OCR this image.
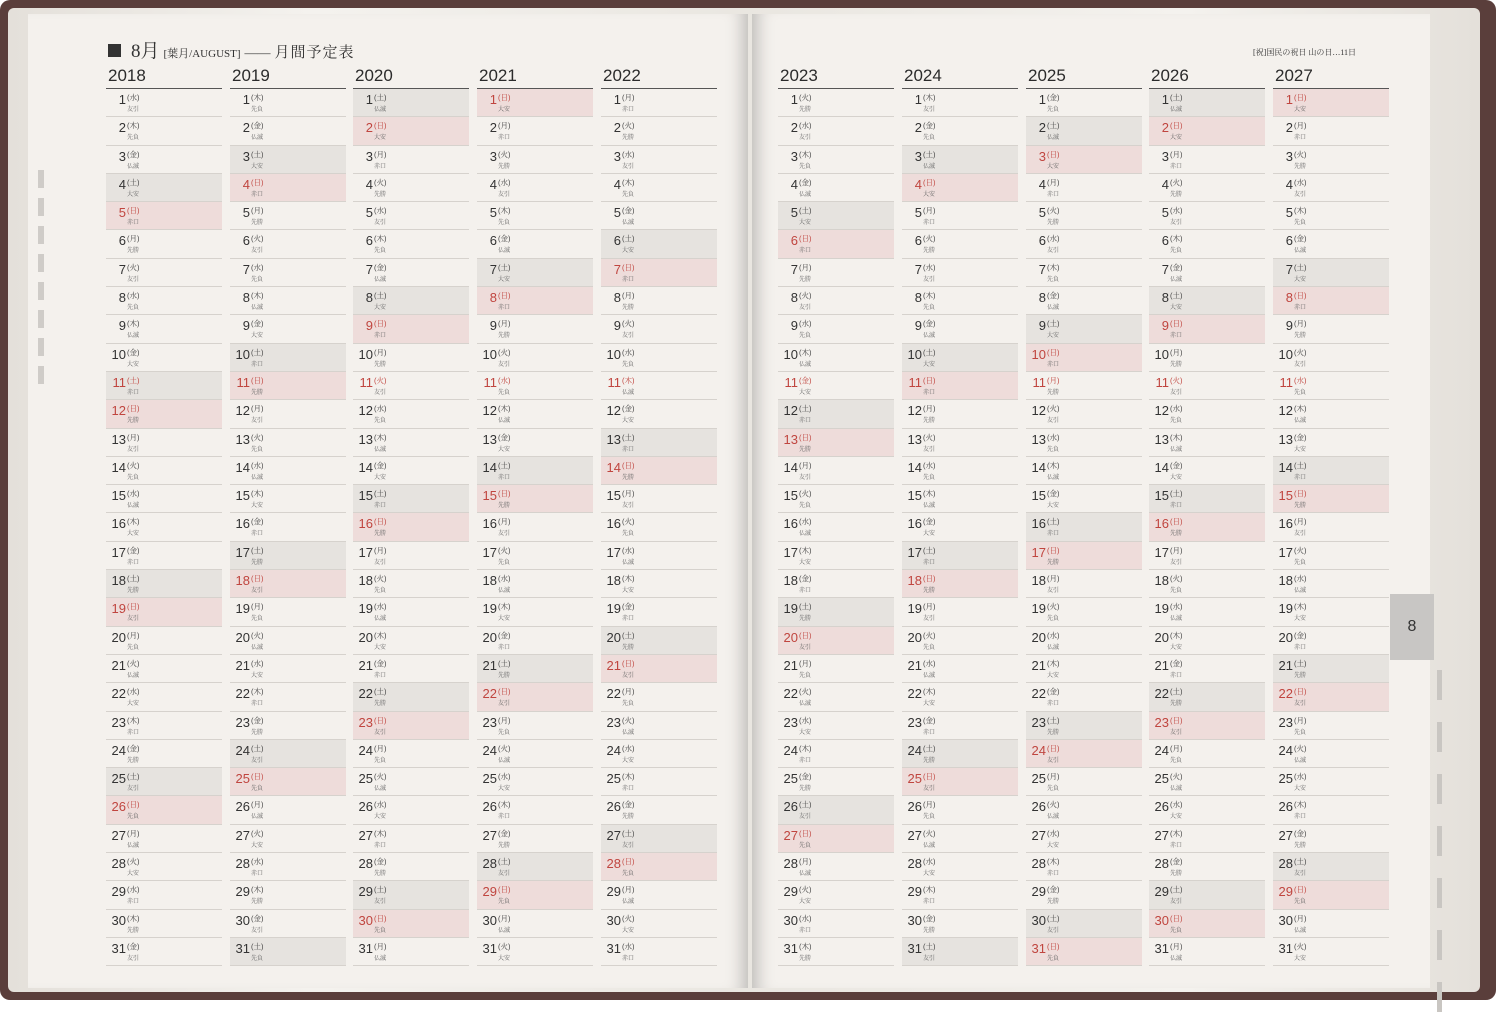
8月 [葉月/AUGUST] ―― 月間予定表	[祝]国民の祝日 山の日…11日
2018
1 (水)
友引
2 (木)
先負
3 (金)
仏滅
4 (土)
大安
5 (日)
赤口
6 (月)
先勝
7 (火)
友引
8 (水)
先負
9 (木)
仏滅
10 (金)
大安
11 (土)
赤口
12 (日)
先勝
13 (月)
友引
14 (火)
先負
15 (水)
仏滅
16 (木)
大安
17 (金)
赤口
18 (土)
先勝
19 (日)
友引
20 (月)
先負
21 (火)
仏滅
22 (水)
大安
23 (木)
赤口
24 (金)
先勝
25 (土)
友引
26 (日)
先負
27 (月)
仏滅
28 (火)
大安
29 (水)
赤口
30 (木)
先勝
31 (金)
友引
2019
1 (木)
先負
2 (金)
仏滅
3 (土)
大安
4 (日)
赤口
5 (月)
先勝
6 (火)
友引
7 (水)
先負
8 (木)
仏滅
9 (金)
大安
10 (土)
赤口
11 (日)
先勝
12 (月)
友引
13 (火)
先負
14 (水)
仏滅
15 (木)
大安
16 (金)
赤口
17 (土)
先勝
18 (日)
友引
19 (月)
先負
20 (火)
仏滅
21 (水)
大安
22 (木)
赤口
23 (金)
先勝
24 (土)
友引
25 (日)
先負
26 (月)
仏滅
27 (火)
大安
28 (水)
赤口
29 (木)
先勝
30 (金)
友引
31 (土)
先負
2020
1 (土)
仏滅
2 (日)
大安
3 (月)
赤口
4 (火)
先勝
5 (水)
友引
6 (木)
先負
7 (金)
仏滅
8 (土)
大安
9 (日)
赤口
10 (月)
先勝
11 (火)
友引
12 (水)
先負
13 (木)
仏滅
14 (金)
大安
15 (土)
赤口
16 (日)
先勝
17 (月)
友引
18 (火)
先負
19 (水)
仏滅
20 (木)
大安
21 (金)
赤口
22 (土)
先勝
23 (日)
友引
24 (月)
先負
25 (火)
仏滅
26 (水)
大安
27 (木)
赤口
28 (金)
先勝
29 (土)
友引
30 (日)
先負
31 (月)
仏滅
2021
1 (日)
大安
2 (月)
赤口
3 (火)
先勝
4 (水)
友引
5 (木)
先負
6 (金)
仏滅
7 (土)
大安
8 (日)
赤口
9 (月)
先勝
10 (火)
友引
11 (水)
先負
12 (木)
仏滅
13 (金)
大安
14 (土)
赤口
15 (日)
先勝
16 (月)
友引
17 (火)
先負
18 (水)
仏滅
19 (木)
大安
20 (金)
赤口
21 (土)
先勝
22 (日)
友引
23 (月)
先負
24 (火)
仏滅
25 (水)
大安
26 (木)
赤口
27 (金)
先勝
28 (土)
友引
29 (日)
先負
30 (月)
仏滅
31 (火)
大安
2022
1 (月)
赤口
2 (火)
先勝
3 (水)
友引
4 (木)
先負
5 (金)
仏滅
6 (土)
大安
7 (日)
赤口
8 (月)
先勝
9 (火)
友引
10 (水)
先負
11 (木)
仏滅
12 (金)
大安
13 (土)
赤口
14 (日)
先勝
15 (月)
友引
16 (火)
先負
17 (水)
仏滅
18 (木)
大安
19 (金)
赤口
20 (土)
先勝
21 (日)
友引
22 (月)
先負
23 (火)
仏滅
24 (水)
大安
25 (木)
赤口
26 (金)
先勝
27 (土)
友引
28 (日)
先負
29 (月)
仏滅
30 (火)
大安
31 (水)
赤口
2023
1 (火)
先勝
2 (水)
友引
3 (木)
先負
4 (金)
仏滅
5 (土)
大安
6 (日)
赤口
7 (月)
先勝
8 (火)
友引
9 (水)
先負
10 (木)
仏滅
11 (金)
大安
12 (土)
赤口
13 (日)
先勝
14 (月)
友引
15 (火)
先負
16 (水)
仏滅
17 (木)
大安
18 (金)
赤口
19 (土)
先勝
20 (日)
友引
21 (月)
先負
22 (火)
仏滅
23 (水)
大安
24 (木)
赤口
25 (金)
先勝
26 (土)
友引
27 (日)
先負
28 (月)
仏滅
29 (火)
大安
30 (水)
赤口
31 (木)
先勝
2024
1 (木)
友引
2 (金)
先負
3 (土)
仏滅
4 (日)
大安
5 (月)
赤口
6 (火)
先勝
7 (水)
友引
8 (木)
先負
9 (金)
仏滅
10 (土)
大安
11 (日)
赤口
12 (月)
先勝
13 (火)
友引
14 (水)
先負
15 (木)
仏滅
16 (金)
大安
17 (土)
赤口
18 (日)
先勝
19 (月)
友引
20 (火)
先負
21 (水)
仏滅
22 (木)
大安
23 (金)
赤口
24 (土)
先勝
25 (日)
友引
26 (月)
先負
27 (火)
仏滅
28 (水)
大安
29 (木)
赤口
30 (金)
先勝
31 (土)
友引
2025
1 (金)
先負
2 (土)
仏滅
3 (日)
大安
4 (月)
赤口
5 (火)
先勝
6 (水)
友引
7 (木)
先負
8 (金)
仏滅
9 (土)
大安
10 (日)
赤口
11 (月)
先勝
12 (火)
友引
13 (水)
先負
14 (木)
仏滅
15 (金)
大安
16 (土)
赤口
17 (日)
先勝
18 (月)
友引
19 (火)
先負
20 (水)
仏滅
21 (木)
大安
22 (金)
赤口
23 (土)
先勝
24 (日)
友引
25 (月)
先負
26 (火)
仏滅
27 (水)
大安
28 (木)
赤口
29 (金)
先勝
30 (土)
友引
31 (日)
先負
2026
1 (土)
仏滅
2 (日)
大安
3 (月)
赤口
4 (火)
先勝
5 (水)
友引
6 (木)
先負
7 (金)
仏滅
8 (土)
大安
9 (日)
赤口
10 (月)
先勝
11 (火)
友引
12 (水)
先負
13 (木)
仏滅
14 (金)
大安
15 (土)
赤口
16 (日)
先勝
17 (月)
友引
18 (火)
先負
19 (水)
仏滅
20 (木)
大安
21 (金)
赤口
22 (土)
先勝
23 (日)
友引
24 (月)
先負
25 (火)
仏滅
26 (水)
大安
27 (木)
赤口
28 (金)
先勝
29 (土)
友引
30 (日)
先負
31 (月)
仏滅
2027
1 (日)
大安
2 (月)
赤口
3 (火)
先勝
4 (水)
友引
5 (木)
先負
6 (金)
仏滅
7 (土)
大安
8 (日)
赤口
9 (月)
先勝
10 (火)
友引
11 (水)
先負
12 (木)
仏滅
13 (金)
大安
14 (土)
赤口
15 (日)
先勝
16 (月)
友引
17 (火)
先負
18 (水)
仏滅
19 (木)
大安
20 (金)
赤口
21 (土)
先勝
22 (日)
友引
23 (月)
先負
24 (火)
仏滅
25 (水)
大安
26 (木)
赤口
27 (金)
先勝
28 (土)
友引
29 (日)
先負
30 (月)
仏滅
31 (火)
大安
8
